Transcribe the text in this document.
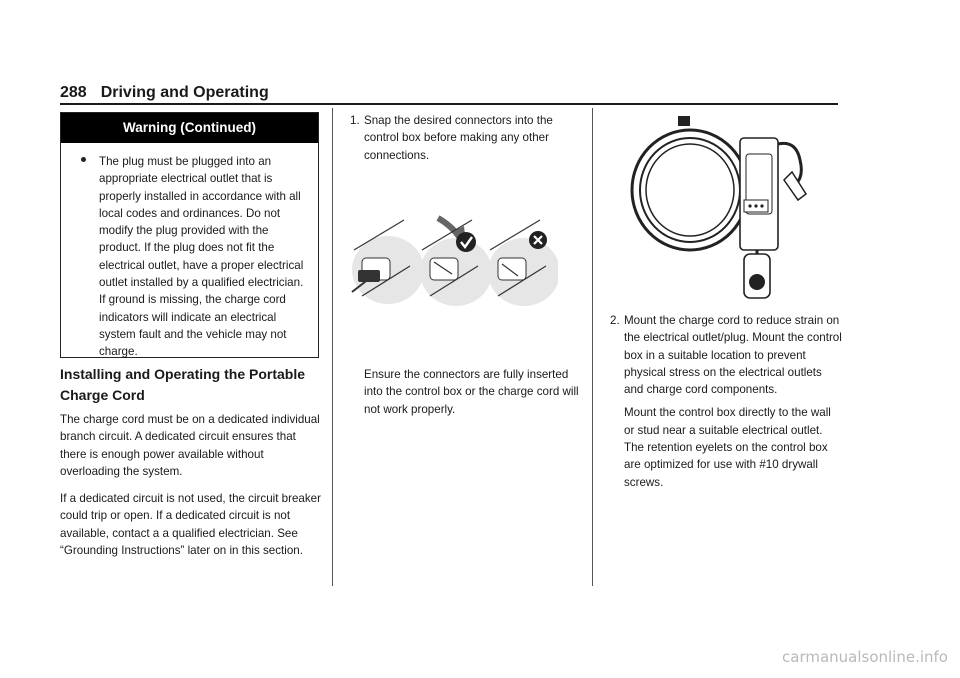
288 Driving and Operating
Warning (Continued)
The plug must be plugged into an appropriate electrical outlet that is properly installed in accordance with all local codes and ordinances. Do not modify the plug provided with the product. If the plug does not fit the electrical outlet, have a proper electrical outlet installed by a qualified electrician. If ground is missing, the charge cord indicators will indicate an electrical system fault and the vehicle may not charge.
Installing and Operating the Portable Charge Cord
The charge cord must be on a dedicated individual branch circuit. A dedicated circuit ensures that there is enough power available without overloading the system.
If a dedicated circuit is not used, the circuit breaker could trip or open. If a dedicated circuit is not available, contact a a qualified electrician. See “Grounding Instructions” later on in this section.
1. Snap the desired connectors into the control box before making any other connections.
Ensure the connectors are fully inserted into the control box or the charge cord will not work properly.
2. Mount the charge cord to reduce strain on the electrical outlet/plug. Mount the control box in a suitable location to prevent physical stress on the electrical outlets and charge cord components.
Mount the control box directly to the wall or stud near a suitable electrical outlet. The retention eyelets on the control box are optimized for use with #10 drywall screws.
carmanualsonline.info
